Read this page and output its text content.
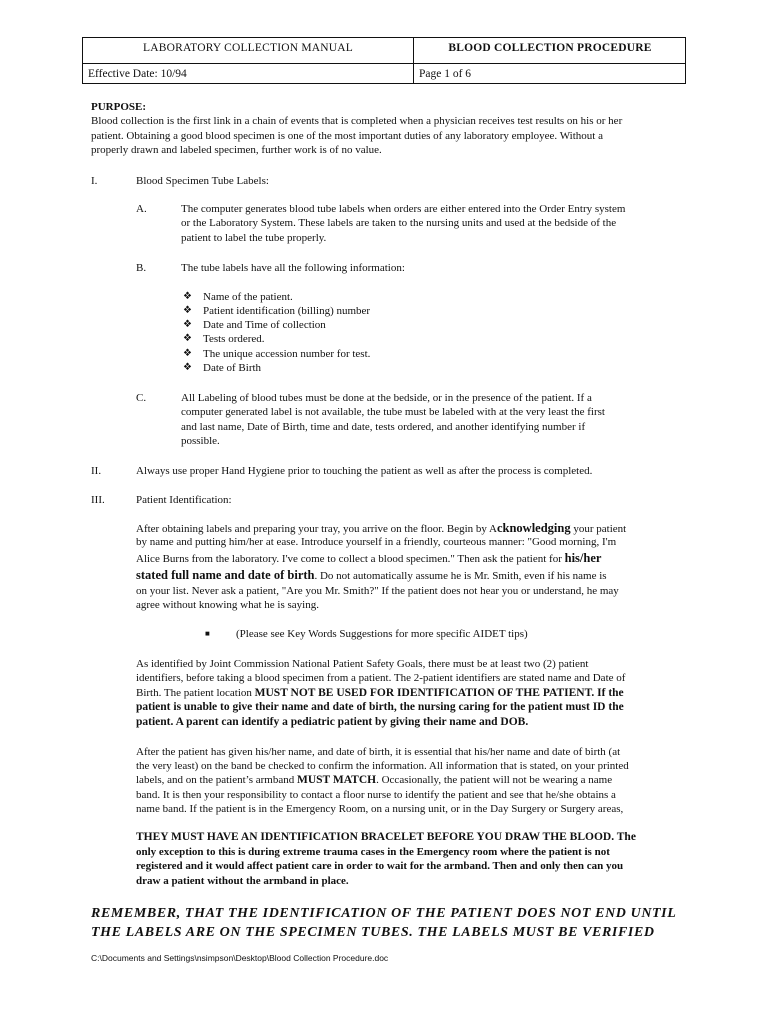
LABORATORY COLLECTION MANUAL	BLOOD COLLECTION PROCEDURE
Effective Date: 10/94	Page 1 of 6
PURPOSE:
Blood collection is the first link in a chain of events that is completed when a physician receives test results on his or her
patient. Obtaining a good blood specimen is one of the most important duties of any laboratory employee. Without a
properly drawn and labeled specimen, further work is of no value.
I.	Blood Specimen Tube Labels:
A.	The computer generates blood tube labels when orders are either entered into the Order Entry system
or the Laboratory System. These labels are taken to the nursing units and used at the bedside of the
patient to label the tube properly.
B.	The tube labels have all the following information:
❖ Name of the patient.
❖ Patient identification (billing) number
❖ Date and Time of collection
❖ Tests ordered.
❖ The unique accession number for test.
❖ Date of Birth
C.	All Labeling of blood tubes must be done at the bedside, or in the presence of the patient. If a
computer generated label is not available, the tube must be labeled with at the very least the first
and last name, Date of Birth, time and date, tests ordered, and another identifying number if
possible.
II.	Always use proper Hand Hygiene prior to touching the patient as well as after the process is completed.
III.	Patient Identification:
After obtaining labels and preparing your tray, you arrive on the floor. Begin by Acknowledging your patient
by name and putting him/her at ease. Introduce yourself in a friendly, courteous manner: "Good morning, I'm
Alice Burns from the laboratory. I've come to collect a blood specimen." Then ask the patient for his/her
stated full name and date of birth. Do not automatically assume he is Mr. Smith, even if his name is
on your list. Never ask a patient, "Are you Mr. Smith?" If the patient does not hear you or understand, he may
agree without knowing what he is saying.
■ (Please see Key Words Suggestions for more specific AIDET tips)
As identified by Joint Commission National Patient Safety Goals, there must be at least two (2) patient
identifiers, before taking a blood specimen from a patient. The 2-patient identifiers are stated name and Date of
Birth. The patient location MUST NOT BE USED FOR IDENTIFICATION OF THE PATIENT. If the
patient is unable to give their name and date of birth, the nursing caring for the patient must ID the
patient. A parent can identify a pediatric patient by giving their name and DOB.
After the patient has given his/her name, and date of birth, it is essential that his/her name and date of birth (at
the very least) on the band be checked to confirm the information. All information that is stated, on your printed
labels, and on the patient’s armband MUST MATCH. Occasionally, the patient will not be wearing a name
band. It is then your responsibility to contact a floor nurse to identify the patient and see that he/she obtains a
name band. If the patient is in the Emergency Room, on a nursing unit, or in the Day Surgery or Surgery areas,
THEY MUST HAVE AN IDENTIFICATION BRACELET BEFORE YOU DRAW THE BLOOD. The
only exception to this is during extreme trauma cases in the Emergency room where the patient is not
registered and it would affect patient care in order to wait for the armband. Then and only then can you
draw a patient without the armband in place.
REMEMBER, THAT THE IDENTIFICATION OF THE PATIENT DOES NOT END UNTIL
THE LABELS ARE ON THE SPECIMEN TUBES. THE LABELS MUST BE VERIFIED
C:\Documents and Settings\nsimpson\Desktop\Blood Collection Procedure.doc
